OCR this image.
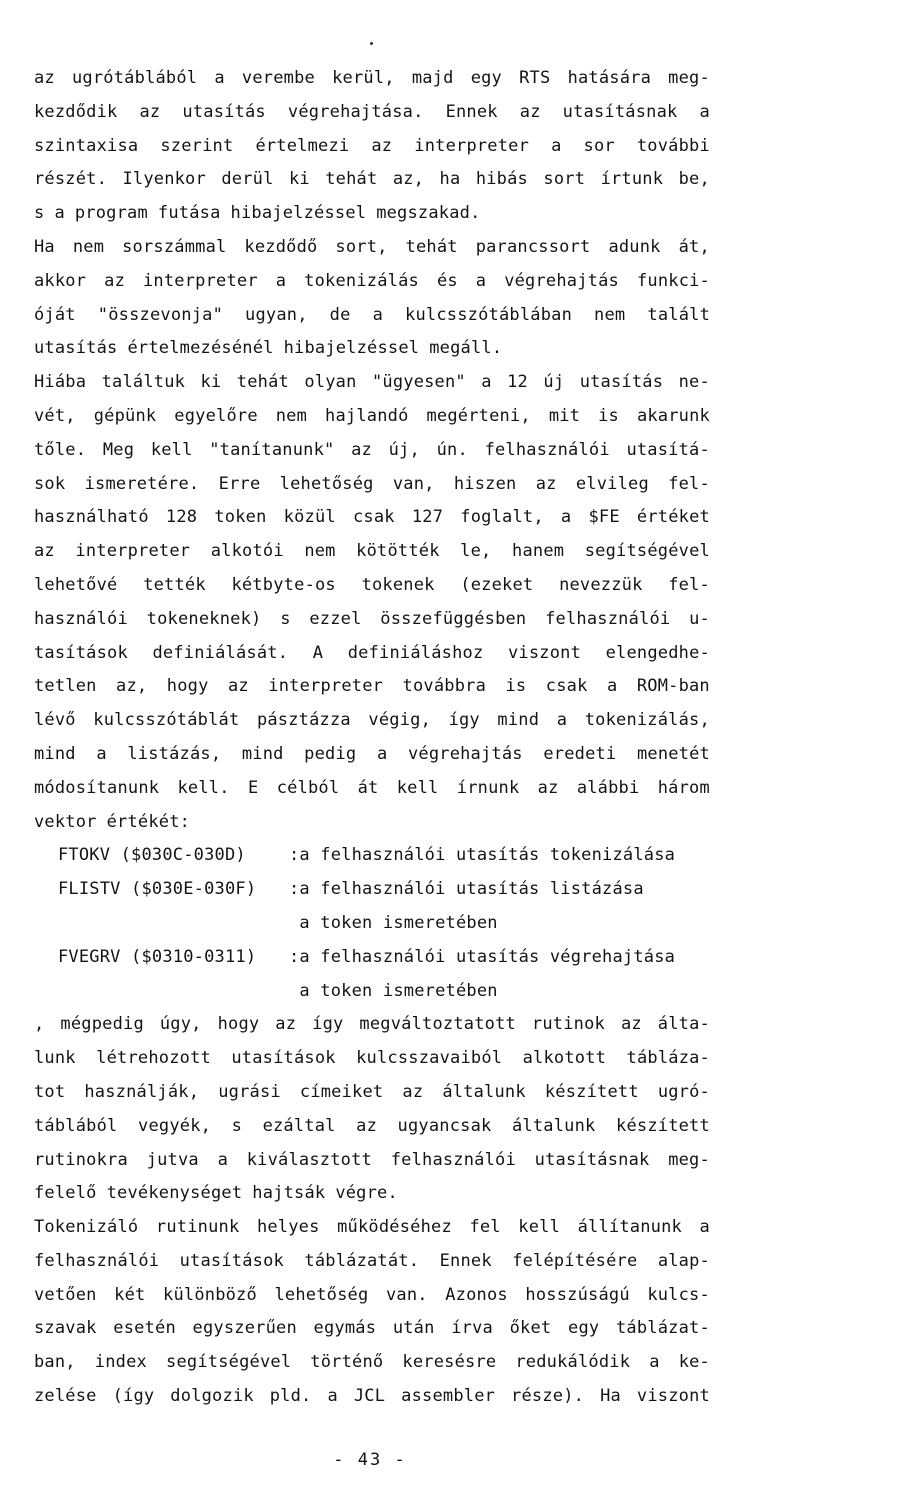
az ugrótáblából a verembe kerül, majd egy RTS hatására meg-
kezdődik az utasítás végrehajtása. Ennek az utasításnak a
szintaxisa szerint értelmezi az interpreter a sor további
részét. Ilyenkor derül ki tehát az, ha hibás sort írtunk be,
s a program futása hibajelzéssel megszakad.
Ha nem sorszámmal kezdődő sort, tehát parancssort adunk át,
akkor az interpreter a tokenizálás és a végrehajtás funkci-
óját "összevonja" ugyan, de a kulcsszótáblában nem talált
utasítás értelmezésénél hibajelzéssel megáll.
Hiába találtuk ki tehát olyan "ügyesen" a 12 új utasítás ne-
vét, gépünk egyelőre nem hajlandó megérteni, mit is akarunk
tőle. Meg kell "tanítanunk" az új, ún. felhasználói utasítá-
sok ismeretére. Erre lehetőség van, hiszen az elvileg fel-
használható 128 token közül csak 127 foglalt, a $FE értéket
az interpreter alkotói nem kötötték le, hanem segítségével
lehetővé tették kétbyte-os tokenek (ezeket nevezzük fel-
használói tokeneknek) s ezzel összefüggésben felhasználói u-
tasítások definiálását. A definiáláshoz viszont elengedhe-
tetlen az, hogy az interpreter továbbra is csak a ROM-ban
lévő kulcsszótáblát pásztázza végig, így mind a tokenizálás,
mind a listázás, mind pedig a végrehajtás eredeti menetét
módosítanunk kell. E célból át kell írnunk az alábbi három
vektor értékét:
FTOKV ($030C-030D)	:a felhasználói utasítás tokenizálása
FLISTV ($030E-030F)	:a felhasználói utasítás listázása
a token ismeretében
FVEGRV ($0310-0311)	:a felhasználói utasítás végrehajtása
a token ismeretében
, mégpedig úgy, hogy az így megváltoztatott rutinok az álta-
lunk létrehozott utasítások kulcsszavaiból alkotott tábláza-
tot használják, ugrási címeiket az általunk készített ugró-
táblából vegyék, s ezáltal az ugyancsak általunk készített
rutinokra jutva a kiválasztott felhasználói utasításnak meg-
felelő tevékenységet hajtsák végre.
Tokenizáló rutinunk helyes működéséhez fel kell állítanunk a
felhasználói utasítások táblázatát. Ennek felépítésére alap-
vetően két különböző lehetőség van. Azonos hosszúságú kulcs-
szavak esetén egyszerűen egymás után írva őket egy táblázat-
ban, index segítségével történő keresésre redukálódik a ke-
zelése (így dolgozik pld. a JCL assembler része). Ha viszont
- 43 -
